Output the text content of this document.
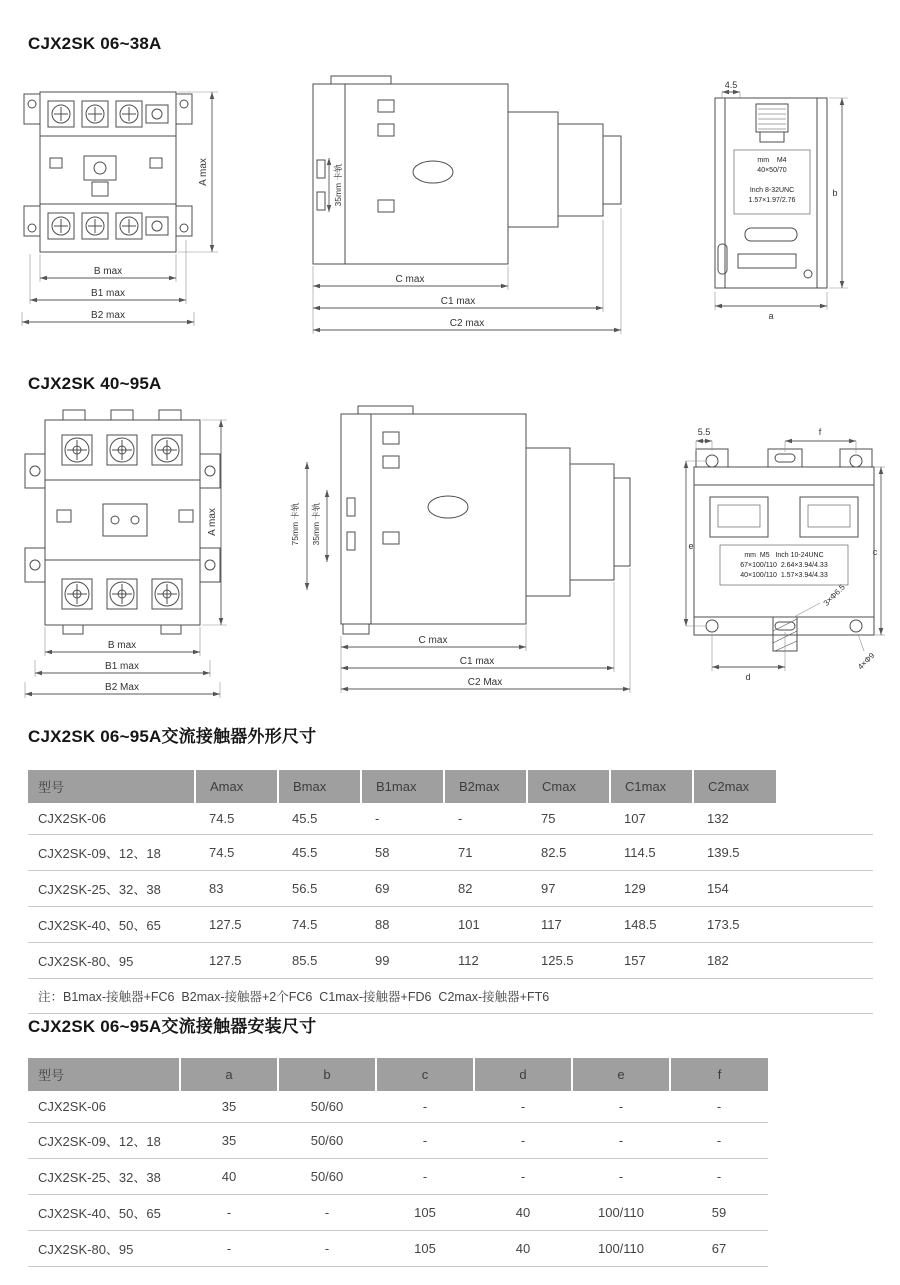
CJX2SK 06~38A
A max
B max
B1 max
B2 max
35mm 卡轨
C max
C1 max
C2 max
mm    M4
40×50/70
Inch 8-32UNC
1.57×1.97/2.76
4.5
b
a
CJX2SK 40~95A
A max
B max
B1 max
B2 Max
75mm 卡轨 35mm 卡轨
C max
C1 max
C2 Max
mm  M5   Inch 10-24UNC
67×100/110  2.64×3.94/4.33
40×100/110  1.57×3.94/4.33
5.5	f
e
c
d
3×Φ6.5
4×Φ9
CJX2SK 06~95A交流接触器外形尺寸
型号	Amax	Bmax	B1max	B2max	Cmax	C1max	C2max	
CJX2SK-06	74.5	45.5	-	-	75	107	132	
CJX2SK-09、12、18	74.5	45.5	58	71	82.5	114.5	139.5	
CJX2SK-25、32、38	83	56.5	69	82	97	129	154	
CJX2SK-40、50、65	127.5	74.5	88	101	117	148.5	173.5	
CJX2SK-80、95	127.5	85.5	99	112	125.5	157	182	
注：B1max-接触器+FC6  B2max-接触器+2个FC6  C1max-接触器+FD6  C2max-接触器+FT6								
CJX2SK 06~95A交流接触器安装尺寸
型号	a	b	c	d	e	f
CJX2SK-06	35	50/60	-	-	-	-
CJX2SK-09、12、18	35	50/60	-	-	-	-
CJX2SK-25、32、38	40	50/60	-	-	-	-
CJX2SK-40、50、65	-	-	105	40	100/110	59
CJX2SK-80、95	-	-	105	40	100/110	67
